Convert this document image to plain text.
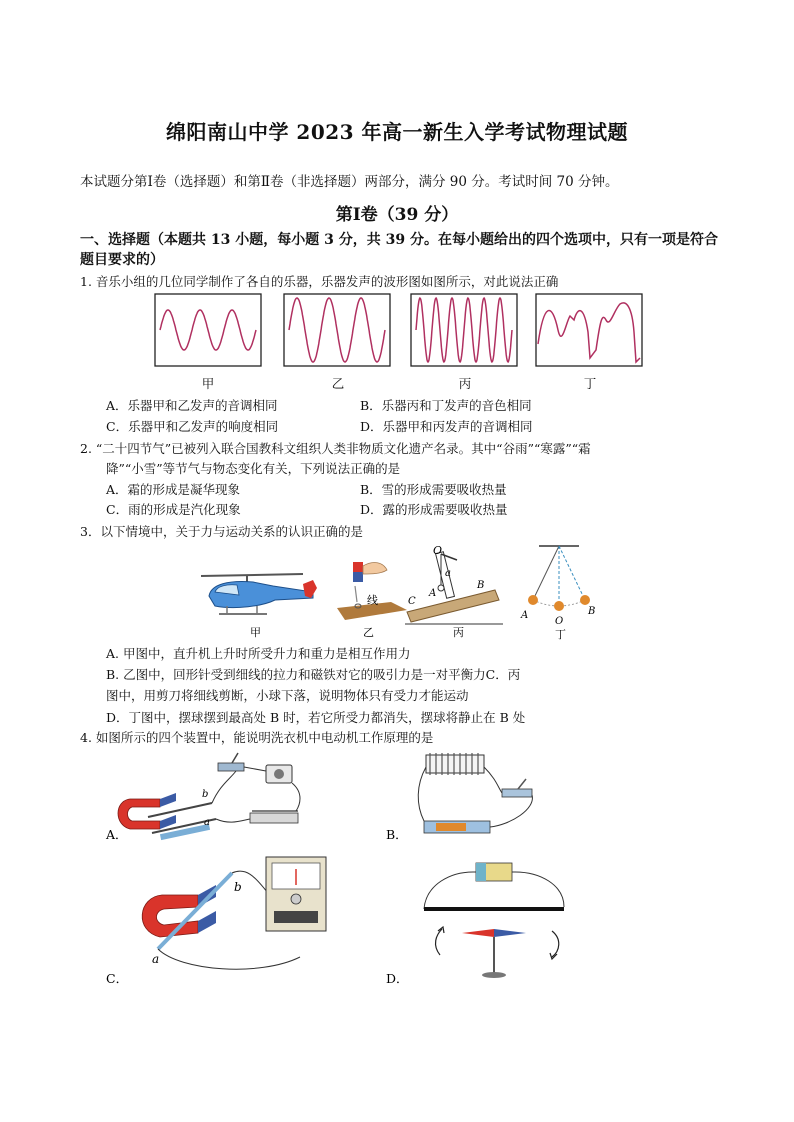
绵阳南山中学 2023 年高一新生入学考试物理试题
本试题分第Ⅰ卷（选择题）和第Ⅱ卷（非选择题）两部分，满分 90 分。考试时间 70 分钟。
第Ⅰ卷（39 分）
一、选择题（本题共 13 小题，每小题 3 分，共 39 分。在每小题给出的四个选项中，只有一项是符合题目要求的）
1. 音乐小组的几位同学制作了各自的乐器，乐器发声的波形图如图所示，对此说法正确
甲	乙	丙	丁
A．乐器甲和乙发声的音调相同	B．乐器丙和丁发声的音色相同
C．乐器甲和乙发声的响度相同	D．乐器甲和丙发声的音调相同
2. “二十四节气”已被列入联合国教科文组织人类非物质文化遗产名录。其中“谷雨”“寒露”“霜
降”“小雪”等节气与物态变化有关，下列说法正确的是
A．霜的形成是凝华现象	B．雪的形成需要吸收热量
C．雨的形成是汽化现象	D．露的形成需要吸收热量
3．以下情境中，关于力与运动关系的认识正确的是
线
O
a
A
B
C
A
O
B
甲	乙	丙	丁
A. 甲图中，直升机上升时所受升力和重力是相互作用力
B. 乙图中，回形针受到细线的拉力和磁铁对它的吸引力是一对平衡力C．丙
图中，用剪刀将细线剪断，小球下落，说明物体只有受力才能运动
D．丁图中，摆球摆到最高处 B 时，若它所受力都消失，摆球将静止在 B 处
4. 如图所示的四个装置中，能说明洗衣机中电动机工作原理的是
b
a
A．	B．
b
a
C．	D．
